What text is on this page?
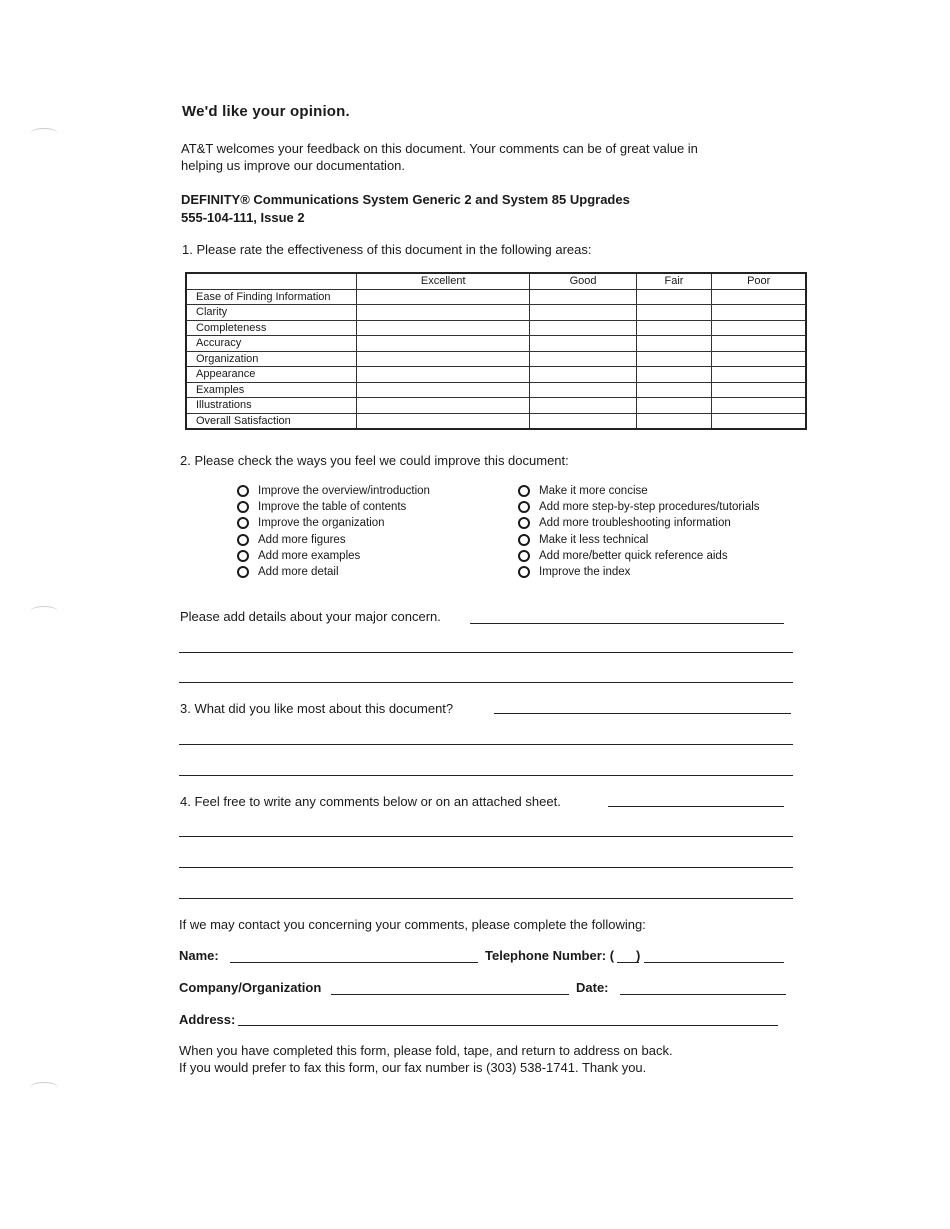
We'd like your opinion.
AT&T welcomes your feedback on this document. Your comments can be of great value in
helping us improve our documentation.
DEFINITY® Communications System Generic 2 and System 85 Upgrades
555-104-111, Issue 2
1. Please rate the effectiveness of this document in the following areas:
	Excellent	Good	Fair	Poor
Ease of Finding Information				
Clarity				
Completeness				
Accuracy				
Organization				
Appearance				
Examples				
Illustrations				
Overall Satisfaction				
2. Please check the ways you feel we could improve this document:
Improve the overview/introduction
Improve the table of contents
Improve the organization
Add more figures
Add more examples
Add more detail
Make it more concise
Add more step-by-step procedures/tutorials
Add more troubleshooting information
Make it less technical
Add more/better quick reference aids
Improve the index
Please add details about your major concern.
3. What did you like most about this document?
4. Feel free to write any comments below or on an attached sheet.
If we may contact you concerning your comments, please complete the following:
Name:	Telephone Number: ( )
Company/Organization	Date:
Address:
When you have completed this form, please fold, tape, and return to address on back.
If you would prefer to fax this form, our fax number is (303) 538-1741. Thank you.
